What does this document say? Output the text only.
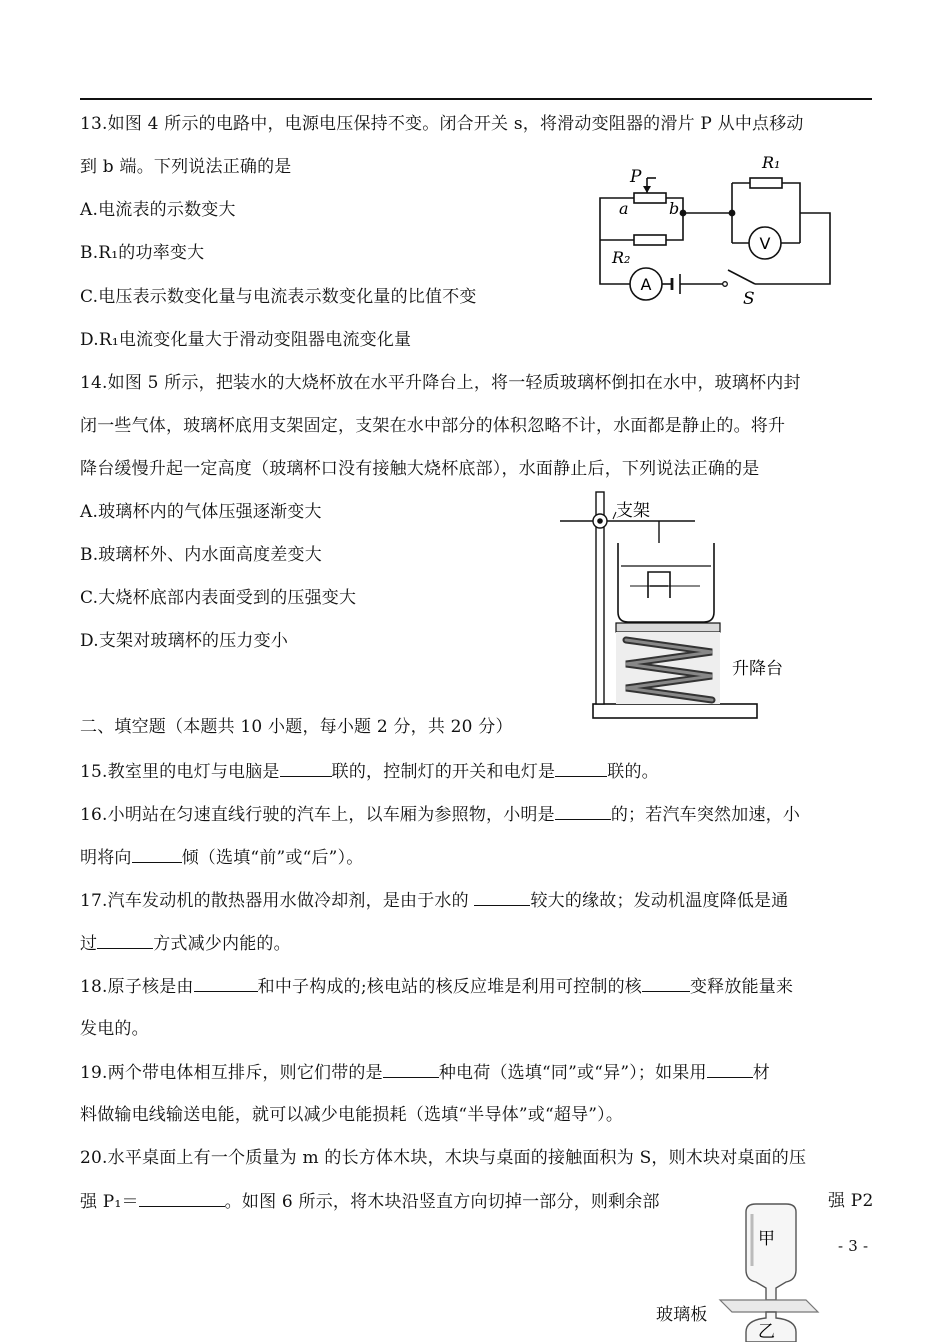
13.如图 4 所示的电路中，电源电压保持不变。闭合开关 s，将滑动变阻器的滑片 P 从中点移动
到 b 端。下列说法正确的是
A.电流表的示数变大
B.R₁的功率变大
C.电压表示数变化量与电流表示数变化量的比值不变
D.R₁电流变化量大于滑动变阻器电流变化量
P
a	b
R₁
R₂
A
V
S
14.如图 5 所示，把装水的大烧杯放在水平升降台上，将一轻质玻璃杯倒扣在水中，玻璃杯内封
闭一些气体，玻璃杯底用支架固定，支架在水中部分的体积忽略不计，水面都是静止的。将升
降台缓慢升起一定高度（玻璃杯口没有接触大烧杯底部），水面静止后，下列说法正确的是
A.玻璃杯内的气体压强逐渐变大
B.玻璃杯外、内水面高度差变大
C.大烧杯底部内表面受到的压强变大
D.支架对玻璃杯的压力变小
支架
升降台
二、填空题（本题共 10 小题，每小题 2 分，共 20 分）
15.教室里的电灯与电脑是	联的，控制灯的开关和电灯是	联的。
16.小明站在匀速直线行驶的汽车上，以车厢为参照物，小明是	的；若汽车突然加速，小
明将向	倾（选填“前”或“后”）。
17.汽车发动机的散热器用水做冷却剂，是由于水的	较大的缘故；发动机温度降低是通
过	方式减少内能的。
18.原子核是由	和中子构成的;核电站的核反应堆是利用可控制的核	变释放能量来
发电的。
19.两个带电体相互排斥，则它们带的是	种电荷（选填“同”或“异”）；如果用	材
料做输电线输送电能，就可以减少电能损耗（选填“半导体”或“超导”）。
20.水平桌面上有一个质量为 m 的长方体木块，木块与桌面的接触面积为 S，则木块对桌面的压
强 P₁＝	。如图 6 所示，将木块沿竖直方向切掉一部分，则剩余部	强 P2
甲
乙
玻璃板
- 3 -
